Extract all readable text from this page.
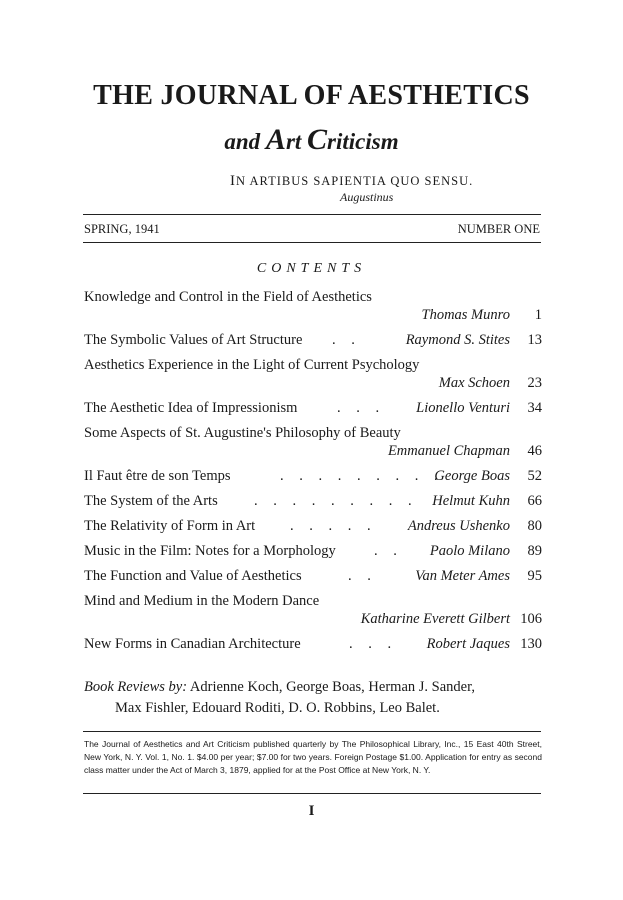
THE JOURNAL OF AESTHETICS
and Art Criticism
IN ARTIBUS SAPIENTIA QUO SENSU.
Augustinus
SPRING, 1941	NUMBER ONE
CONTENTS
Knowledge and Control in the Field of Aesthetics
Thomas Munro	1
The Symbolic Values of Art Structure . .	Raymond S. Stites	13
Aesthetics Experience in the Light of Current Psychology
Max Schoen	23
The Aesthetic Idea of Impressionism	. . . Lionello Venturi	34
Some Aspects of St. Augustine's Philosophy of Beauty
Emmanuel Chapman	46
Il Faut être de son Temps	. . . . . . . . .
George Boas	52
The System of the Arts	. . . . . . . . . Helmut Kuhn	66
The Relativity of Form in Art . . . . . Andreus Ushenko	80
Music in the Film: Notes for a Morphology	. . Paolo Milano	89
The Function and Value of Aesthetics	. .	Van Meter Ames	95
Mind and Medium in the Modern Dance
Katharine Everett Gilbert 106
New Forms in Canadian Architecture	. . . Robert Jaques 130
Book Reviews by: Adrienne Koch, George Boas, Herman J. Sander,
Max Fishler, Edouard Roditi, D. O. Robbins, Leo Balet.
The Journal of Aesthetics and Art Criticism published quarterly by The Philosophical Library, Inc., 15 East 40th Street, New York, N. Y. Vol. 1, No. 1. $4.00 per year; $7.00 for two years. Foreign Postage $1.00. Application for entry as second class matter under the Act of March 3, 1879, applied for at the Post Office at New York, N. Y.
I
